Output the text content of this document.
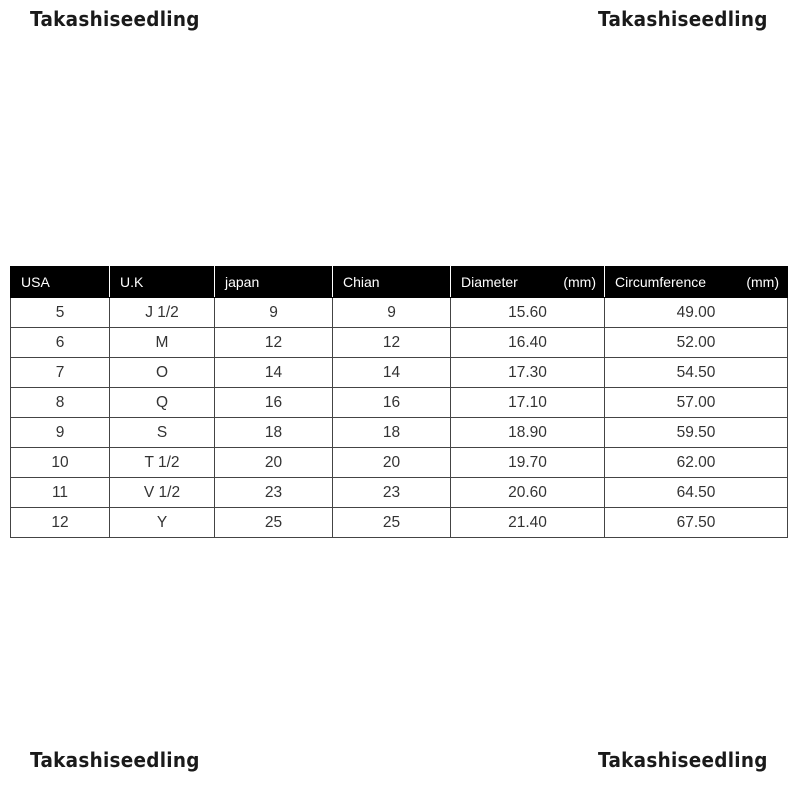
Takashiseedling	Takashiseedling
USA	U.K	japan	Chian	Diameter (mm)	Circumference (mm)

5	J 1/2	9	9	15.60	49.00
6	M	12	12	16.40	52.00
7	O	14	14	17.30	54.50
8	Q	16	16	17.10	57.00
9	S	18	18	18.90	59.50
10	T 1/2	20	20	19.70	62.00
11	V 1/2	23	23	20.60	64.50
12	Y	25	25	21.40	67.50
Takashiseedling	Takashiseedling
